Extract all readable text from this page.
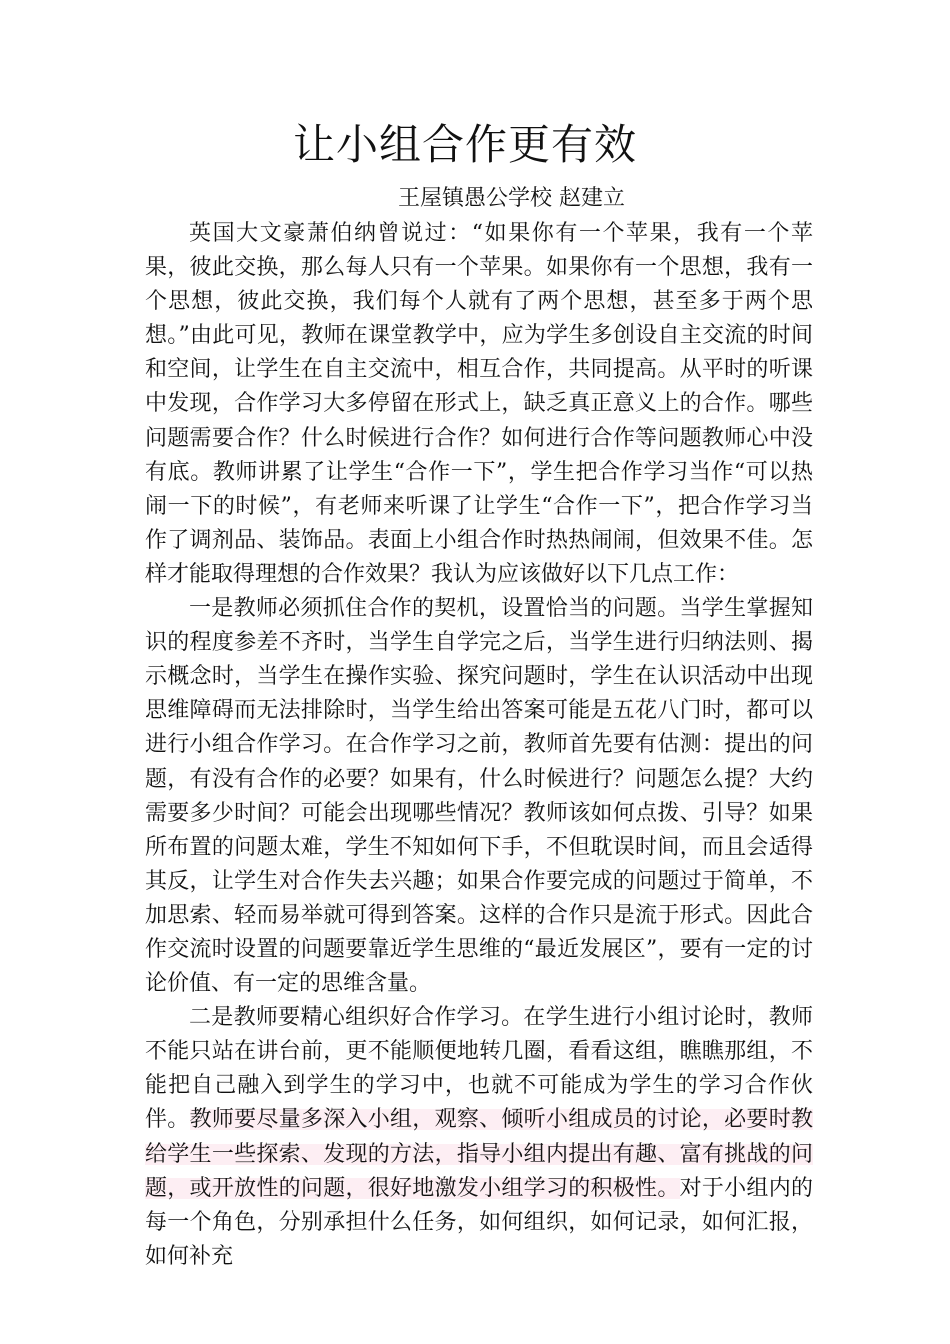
让小组合作更有效
王屋镇愚公学校 赵建立

英国大文豪萧伯纳曾说过：“如果你有一个苹果，我有一个苹果，彼此交换，那么每人只有一个苹果。如果你有一个思想，我有一个思想，彼此交换，我们每个人就有了两个思想，甚至多于两个思想。”由此可见，教师在课堂教学中，应为学生多创设自主交流的时间和空间，让学生在自主交流中，相互合作，共同提高。从平时的听课中发现，合作学习大多停留在形式上，缺乏真正意义上的合作。哪些问题需要合作？什么时候进行合作？如何进行合作等问题教师心中没有底。教师讲累了让学生“合作一下”，学生把合作学习当作“可以热闹一下的时候”，有老师来听课了让学生“合作一下”，把合作学习当作了调剂品、装饰品。表面上小组合作时热热闹闹，但效果不佳。怎样才能取得理想的合作效果？我认为应该做好以下几点工作：

一是教师必须抓住合作的契机，设置恰当的问题。当学生掌握知识的程度参差不齐时，当学生自学完之后，当学生进行归纳法则、揭示概念时，当学生在操作实验、探究问题时，学生在认识活动中出现思维障碍而无法排除时，当学生给出答案可能是五花八门时，都可以进行小组合作学习。在合作学习之前，教师首先要有估测：提出的问题，有没有合作的必要？如果有，什么时候进行？问题怎么提？大约需要多少时间？可能会出现哪些情况？教师该如何点拨、引导？如果所布置的问题太难，学生不知如何下手，不但耽误时间，而且会适得其反，让学生对合作失去兴趣；如果合作要完成的问题过于简单，不加思索、轻而易举就可得到答案。这样的合作只是流于形式。因此合作交流时设置的问题要靠近学生思维的“最近发展区”，要有一定的讨论价值、有一定的思维含量。

二是教师要精心组织好合作学习。在学生进行小组讨论时，教师不能只站在讲台前，更不能顺便地转几圈，看看这组，瞧瞧那组，不能把自己融入到学生的学习中，也就不可能成为学生的学习合作伙伴。教师要尽量多深入小组，观察、倾听小组成员的讨论，必要时教给学生一些探索、发现的方法，指导小组内提出有趣、富有挑战的问题，或开放性的问题，很好地激发小组学习的积极性。对于小组内的每一个角色，分别承担什么任务，如何组织，如何记录，如何汇报，如何补充
